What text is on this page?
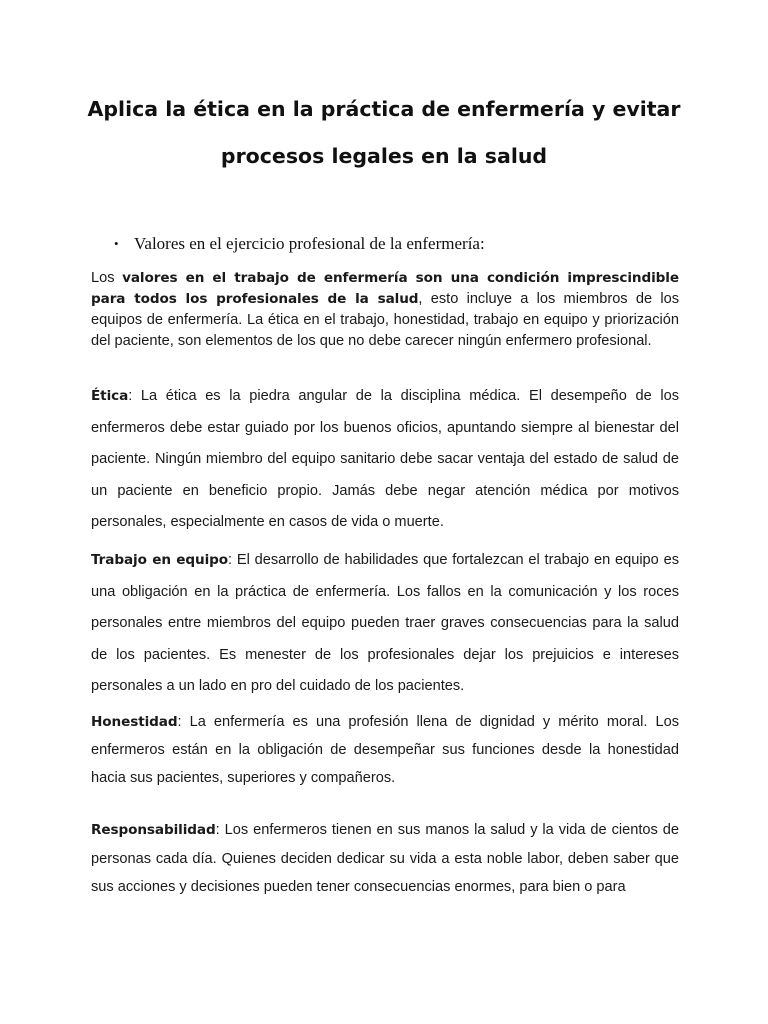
Aplica la ética en la práctica de enfermería y evitar procesos legales en la salud

• Valores en el ejercicio profesional de la enfermería:

Los valores en el trabajo de enfermería son una condición imprescindible para todos los profesionales de la salud, esto incluye a los miembros de los equipos de enfermería. La ética en el trabajo, honestidad, trabajo en equipo y priorización del paciente, son elementos de los que no debe carecer ningún enfermero profesional.

Ética: La ética es la piedra angular de la disciplina médica. El desempeño de los enfermeros debe estar guiado por los buenos oficios, apuntando siempre al bienestar del paciente. Ningún miembro del equipo sanitario debe sacar ventaja del estado de salud de un paciente en beneficio propio. Jamás debe negar atención médica por motivos personales, especialmente en casos de vida o muerte.

Trabajo en equipo: El desarrollo de habilidades que fortalezcan el trabajo en equipo es una obligación en la práctica de enfermería. Los fallos en la comunicación y los roces personales entre miembros del equipo pueden traer graves consecuencias para la salud de los pacientes. Es menester de los profesionales dejar los prejuicios e intereses personales a un lado en pro del cuidado de los pacientes.

Honestidad: La enfermería es una profesión llena de dignidad y mérito moral. Los enfermeros están en la obligación de desempeñar sus funciones desde la honestidad hacia sus pacientes, superiores y compañeros.

Responsabilidad: Los enfermeros tienen en sus manos la salud y la vida de cientos de personas cada día. Quienes deciden dedicar su vida a esta noble labor, deben saber que sus acciones y decisiones pueden tener consecuencias enormes, para bien o para
